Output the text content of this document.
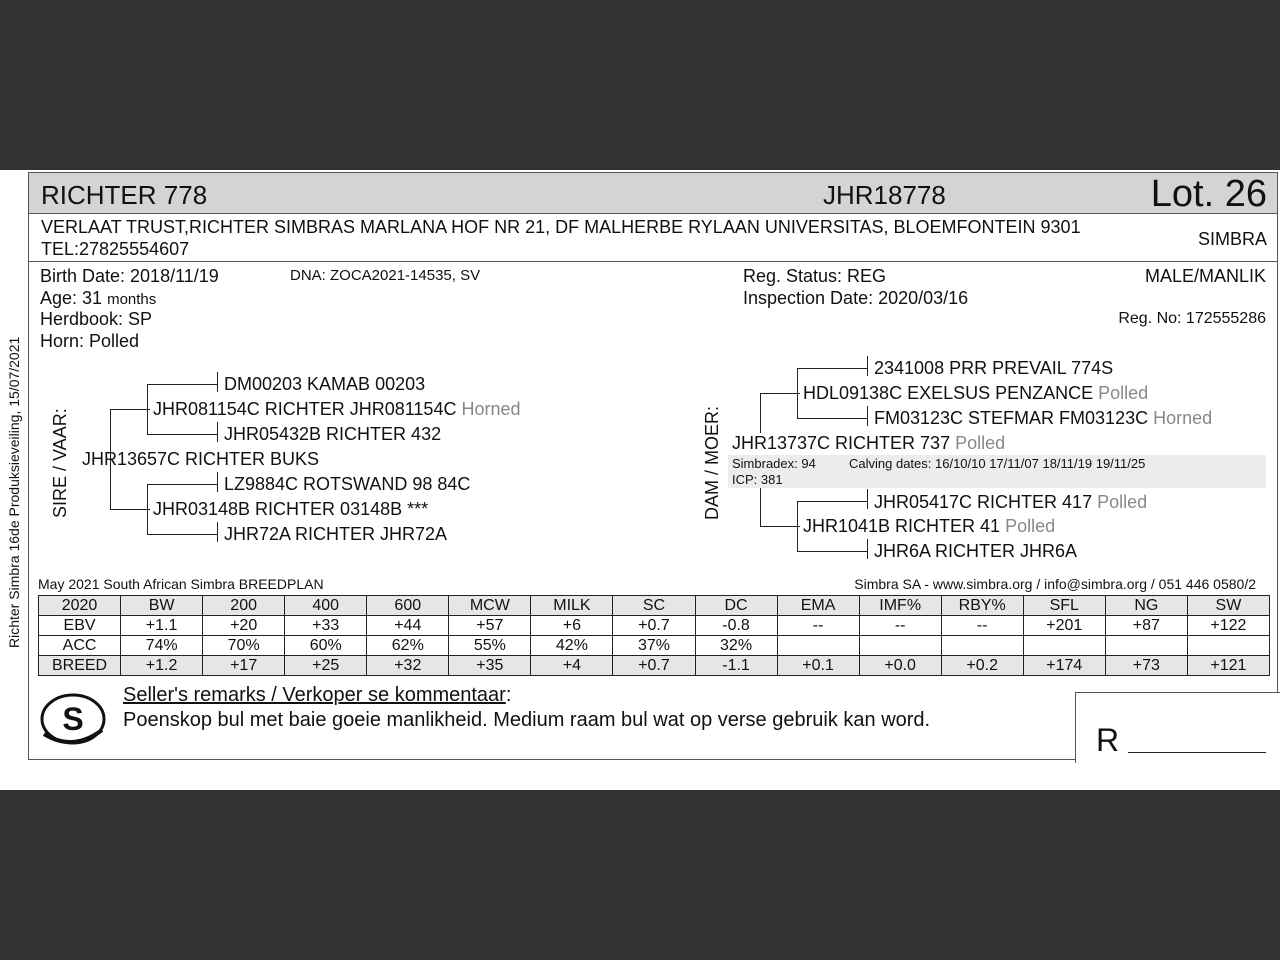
Richter Simbra 16de Produksieveiling, 15/07/2021
RICHTER 778	JHR18778	Lot. 26
VERLAAT TRUST,RICHTER SIMBRAS MARLANA HOF NR 21, DF MALHERBE RYLAAN UNIVERSITAS, BLOEMFONTEIN 9301
TEL:27825554607	SIMBRA
Birth Date: 2018/11/19	DNA: ZOCA2021-14535, SV
Age: 31 months
Herdbook: SP
Horn: Polled
Reg. Status: REG
Inspection Date: 2020/03/16
MALE/MANLIK
Reg. No: 172555286
SIRE / VAAR:
DM00203 KAMAB 00203
JHR081154C RICHTER JHR081154C Horned
JHR05432B RICHTER 432
JHR13657C RICHTER BUKS
LZ9884C ROTSWAND 98 84C
JHR03148B RICHTER 03148B ***
JHR72A RICHTER JHR72A
DAM / MOER:
2341008 PRR PREVAIL 774S
HDL09138C EXELSUS PENZANCE Polled
FM03123C STEFMAR FM03123C Horned
JHR13737C RICHTER 737 Polled
Simbradex: 94	Calving dates: 16/10/10 17/11/07 18/11/19 19/11/25
ICP: 381
JHR05417C RICHTER 417 Polled
JHR1041B RICHTER 41 Polled
JHR6A RICHTER JHR6A
May 2021 South African Simbra BREEDPLAN	Simbra SA - www.simbra.org / info@simbra.org / 051 446 0580/2
2020	BW	200	400	600	MCW	MILK	SC	DC	EMA	IMF%	RBY%	SFL	NG	SW
EBV	+1.1	+20	+33	+44	+57	+6	+0.7	-0.8	--	--	--	+201	+87	+122
ACC	74%	70%	60%	62%	55%	42%	37%	32%						
BREED	+1.2	+17	+25	+32	+35	+4	+0.7	-1.1	+0.1	+0.0	+0.2	+174	+73	+121
S
Seller's remarks / Verkoper se kommentaar:
Poenskop bul met baie goeie manlikheid. Medium raam bul wat op verse gebruik kan word.
R
